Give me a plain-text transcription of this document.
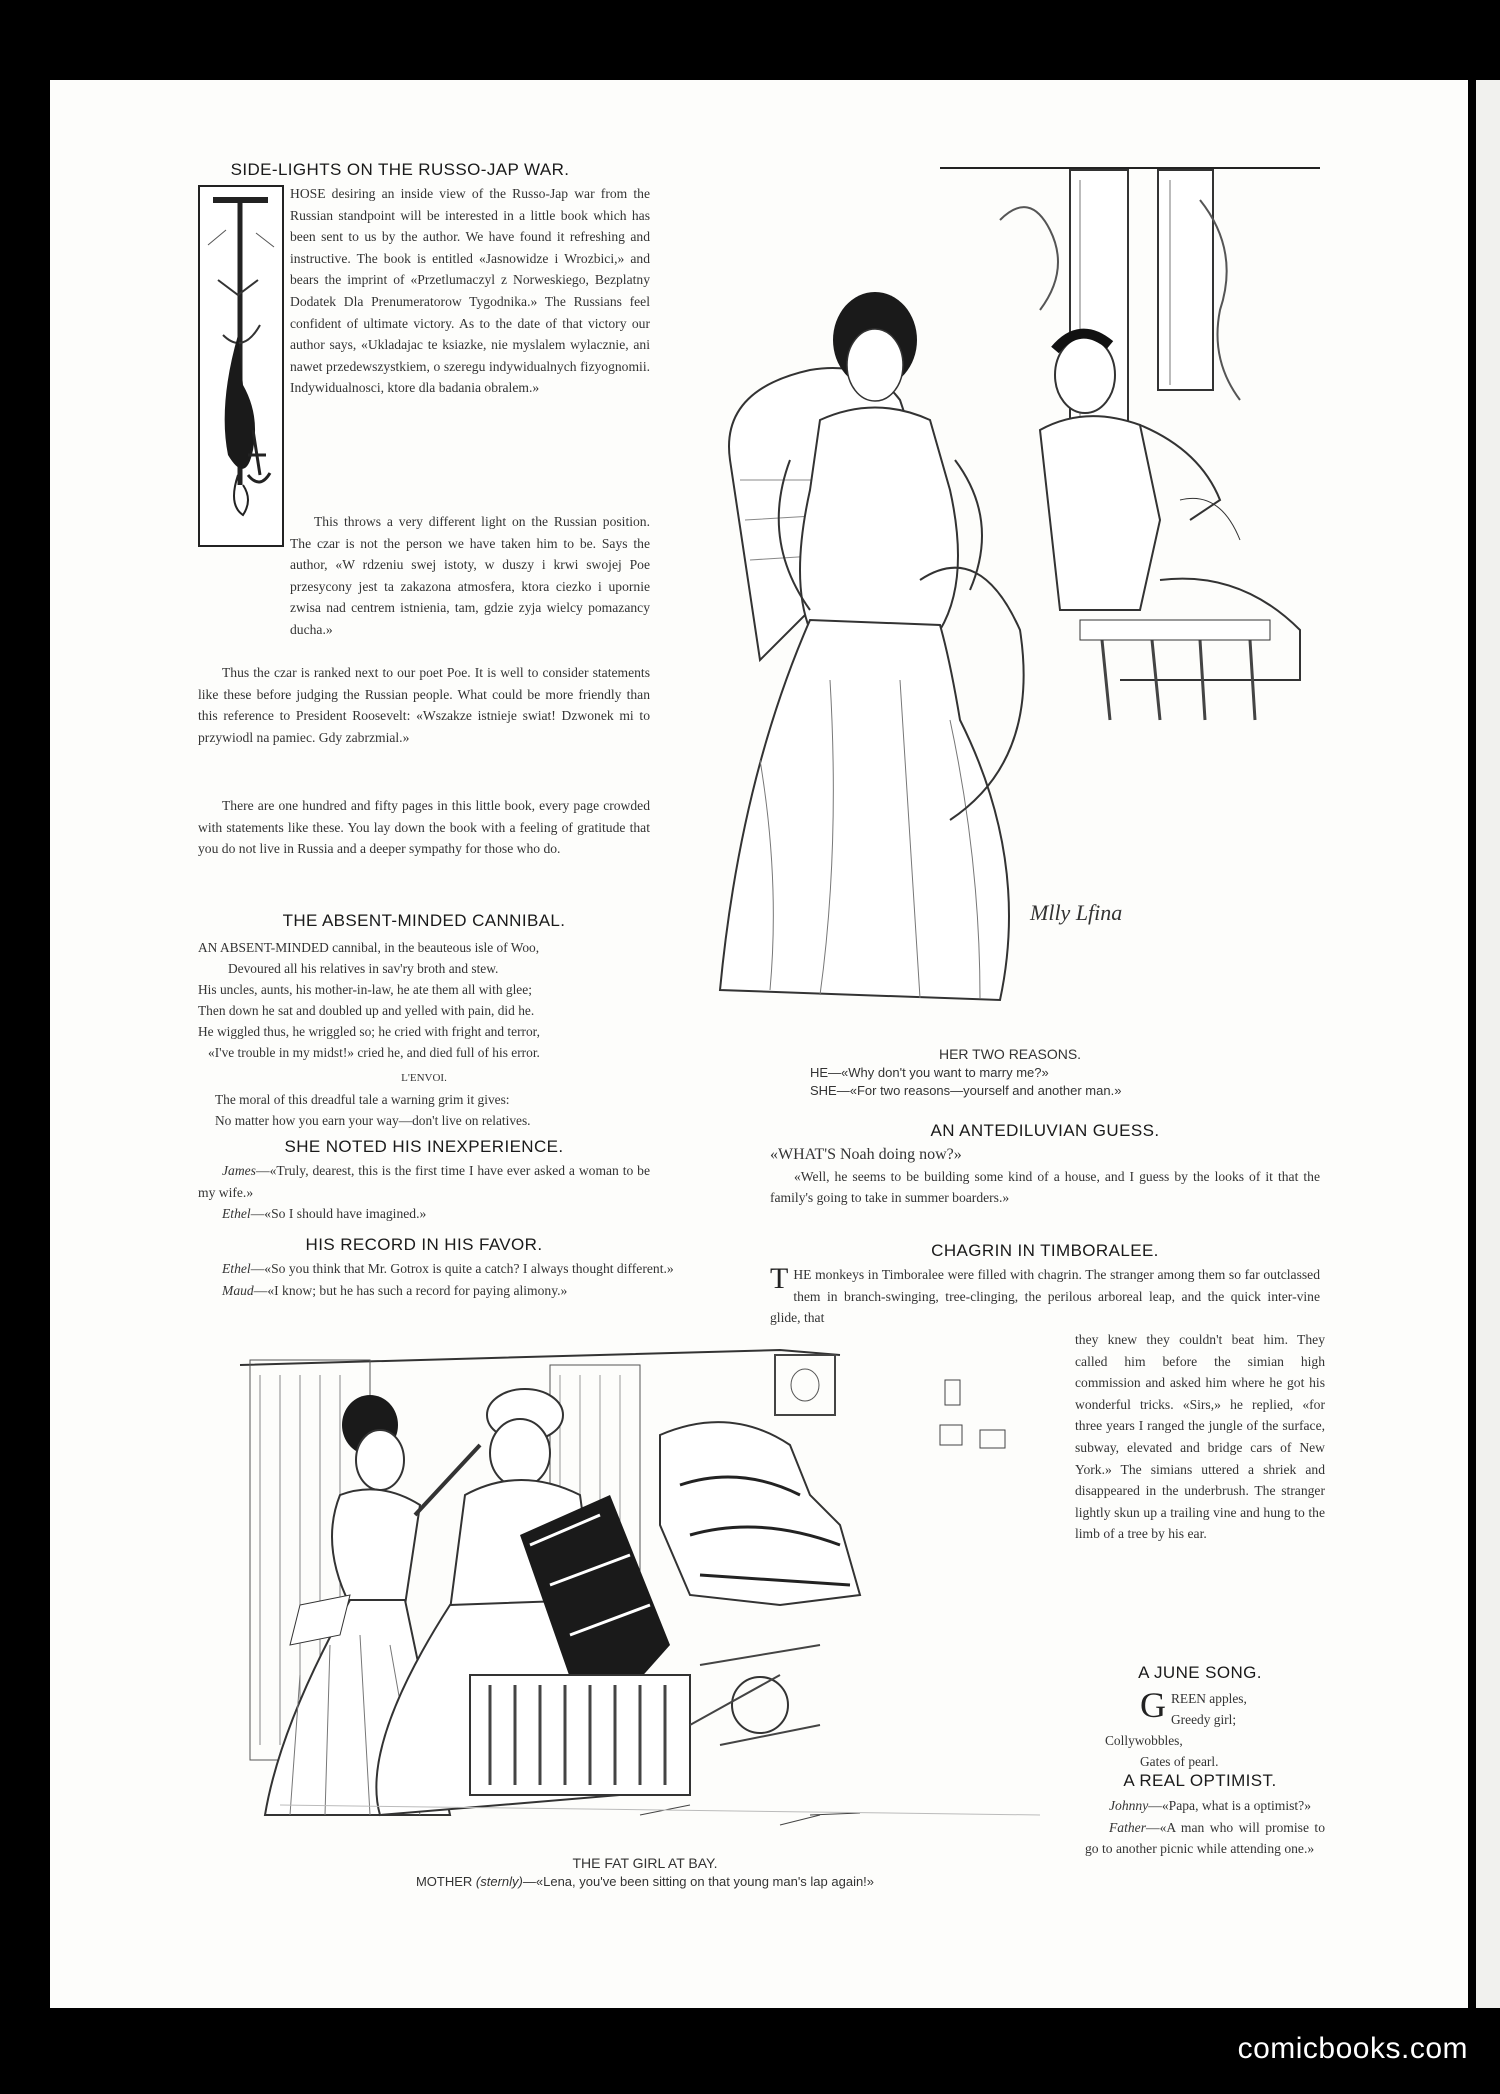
SIDE-LIGHTS ON THE RUSSO-JAP WAR.

HOSE desiring an inside view of the Russo-Jap war from the Russian standpoint will be interested in a little book which has been sent to us by the author. We have found it refreshing and instructive. The book is entitled «Jasnowidze i Wrozbici,» and bears the imprint of «Przetlumaczyl z Norweskiego, Bezplatny Dodatek Dla Prenumeratorow Tygodnika.» The Russians feel confident of ultimate victory. As to the date of that victory our author says, «Ukladajac te ksiazke, nie myslalem wylacznie, ani nawet przedewszystkiem, o szeregu indywidualnych fizyognomii. Indywidualnosci, ktore dla badania obralem.»

This throws a very different light on the Russian position. The czar is not the person we have taken him to be. Says the author, «W rdzeniu swej istoty, w duszy i krwi swojej Poe przesycony jest ta zakazona atmosfera, ktora ciezko i upornie zwisa nad centrem istnienia, tam, gdzie zyja wielcy pomazancy ducha.»

Thus the czar is ranked next to our poet Poe. It is well to consider statements like these before judging the Russian people. What could be more friendly than this reference to President Roosevelt: «Wszakze istnieje swiat! Dzwonek mi to przywiodl na pamiec. Gdy zabrzmial.»

There are one hundred and fifty pages in this little book, every page crowded with statements like these. You lay down the book with a feeling of gratitude that you do not live in Russia and a deeper sympathy for those who do.

THE ABSENT-MINDED CANNIBAL.
AN ABSENT-MINDED cannibal, in the beauteous isle of Woo,
Devoured all his relatives in sav'ry broth and stew.
His uncles, aunts, his mother-in-law, he ate them all with glee;
Then down he sat and doubled up and yelled with pain, did he.
He wiggled thus, he wriggled so; he cried with fright and terror,
«I've trouble in my midst!» cried he, and died full of his error.
L'ENVOI.
The moral of this dreadful tale a warning grim it gives:
No matter how you earn your way—don't live on relatives.
SHE NOTED HIS INEXPERIENCE.

James—«Truly, dearest, this is the first time I have ever asked a woman to be my wife.»

Ethel—«So I should have imagined.»

HIS RECORD IN HIS FAVOR.

Ethel—«So you think that Mr. Gotrox is quite a catch? I always thought different.»

Maud—«I know; but he has such a record for paying alimony.»

Mlly Lfina
HER TWO REASONS.
HE—«Why don't you want to marry me?»
SHE—«For two reasons—yourself and another man.»
AN ANTEDILUVIAN GUESS.

«WHAT'S Noah doing now?»

«Well, he seems to be building some kind of a house, and I guess by the looks of it that the family's going to take in summer boarders.»

CHAGRIN IN TIMBORALEE.

THE monkeys in Timboralee were filled with chagrin. The stranger among them so far outclassed them in branch-swinging, tree-clinging, the perilous arboreal leap, and the quick inter-vine glide, that

they knew they couldn't beat him. They called him before the simian high commission and asked him where he got his wonderful tricks. «Sirs,» he replied, «for three years I ranged the jungle of the surface, subway, elevated and bridge cars of New York.» The simians uttered a shriek and disappeared in the underbrush. The stranger lightly skun up a trailing vine and hung to the limb of a tree by his ear.

A JUNE SONG.
G REEN apples,
Greedy girl;
Collywobbles,
Gates of pearl.
A REAL OPTIMIST.

Johnny—«Papa, what is a optimist?»

Father—«A man who will promise to go to another picnic while attending one.»

THE FAT GIRL AT BAY.
MOTHER (sternly)—«Lena, you've been sitting on that young man's lap again!»
comicbooks.com
